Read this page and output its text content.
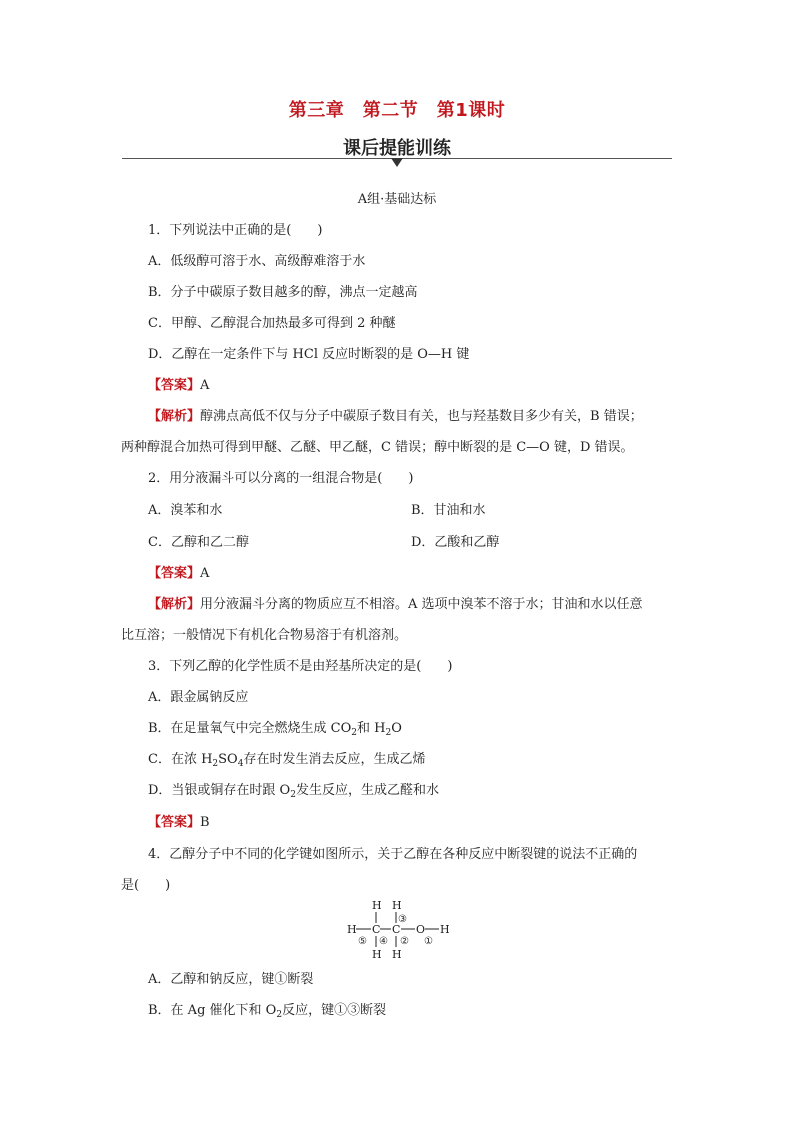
第三章　第二节　第1课时
课后提能训练
A组·基础达标
1．下列说法中正确的是(　　)
A．低级醇可溶于水、高级醇难溶于水
B．分子中碳原子数目越多的醇，沸点一定越高
C．甲醇、乙醇混合加热最多可得到 2 种醚
D．乙醇在一定条件下与 HCl 反应时断裂的是 O—H 键
【答案】A
【解析】醇沸点高低不仅与分子中碳原子数目有关，也与羟基数目多少有关，B 错误；
两种醇混合加热可得到甲醚、乙醚、甲乙醚，C 错误；醇中断裂的是 C—O 键，D 错误。
2．用分液漏斗可以分离的一组混合物是(　　)
A．溴苯和水	B．甘油和水
C．乙醇和乙二醇	D．乙酸和乙醇
【答案】A
【解析】用分液漏斗分离的物质应互不相溶。A 选项中溴苯不溶于水；甘油和水以任意
比互溶；一般情况下有机化合物易溶于有机溶剂。
3．下列乙醇的化学性质不是由羟基所决定的是(　　)
A．跟金属钠反应
B．在足量氧气中完全燃烧生成 $CO_2$和 $H_2O$
C．在浓 $H_2SO_4$存在时发生消去反应，生成乙烯
D．当银或铜存在时跟 $O_2$发生反应，生成乙醛和水
【答案】B
4．乙醇分子中不同的化学键如图所示，关于乙醇在各种反应中断裂键的说法不正确的
是(　　)
H H
③
H C C O H
⑤ ④ ② ①
H H
A．乙醇和钠反应，键①断裂
B．在 Ag 催化下和 $O_2$反应，键①③断裂
